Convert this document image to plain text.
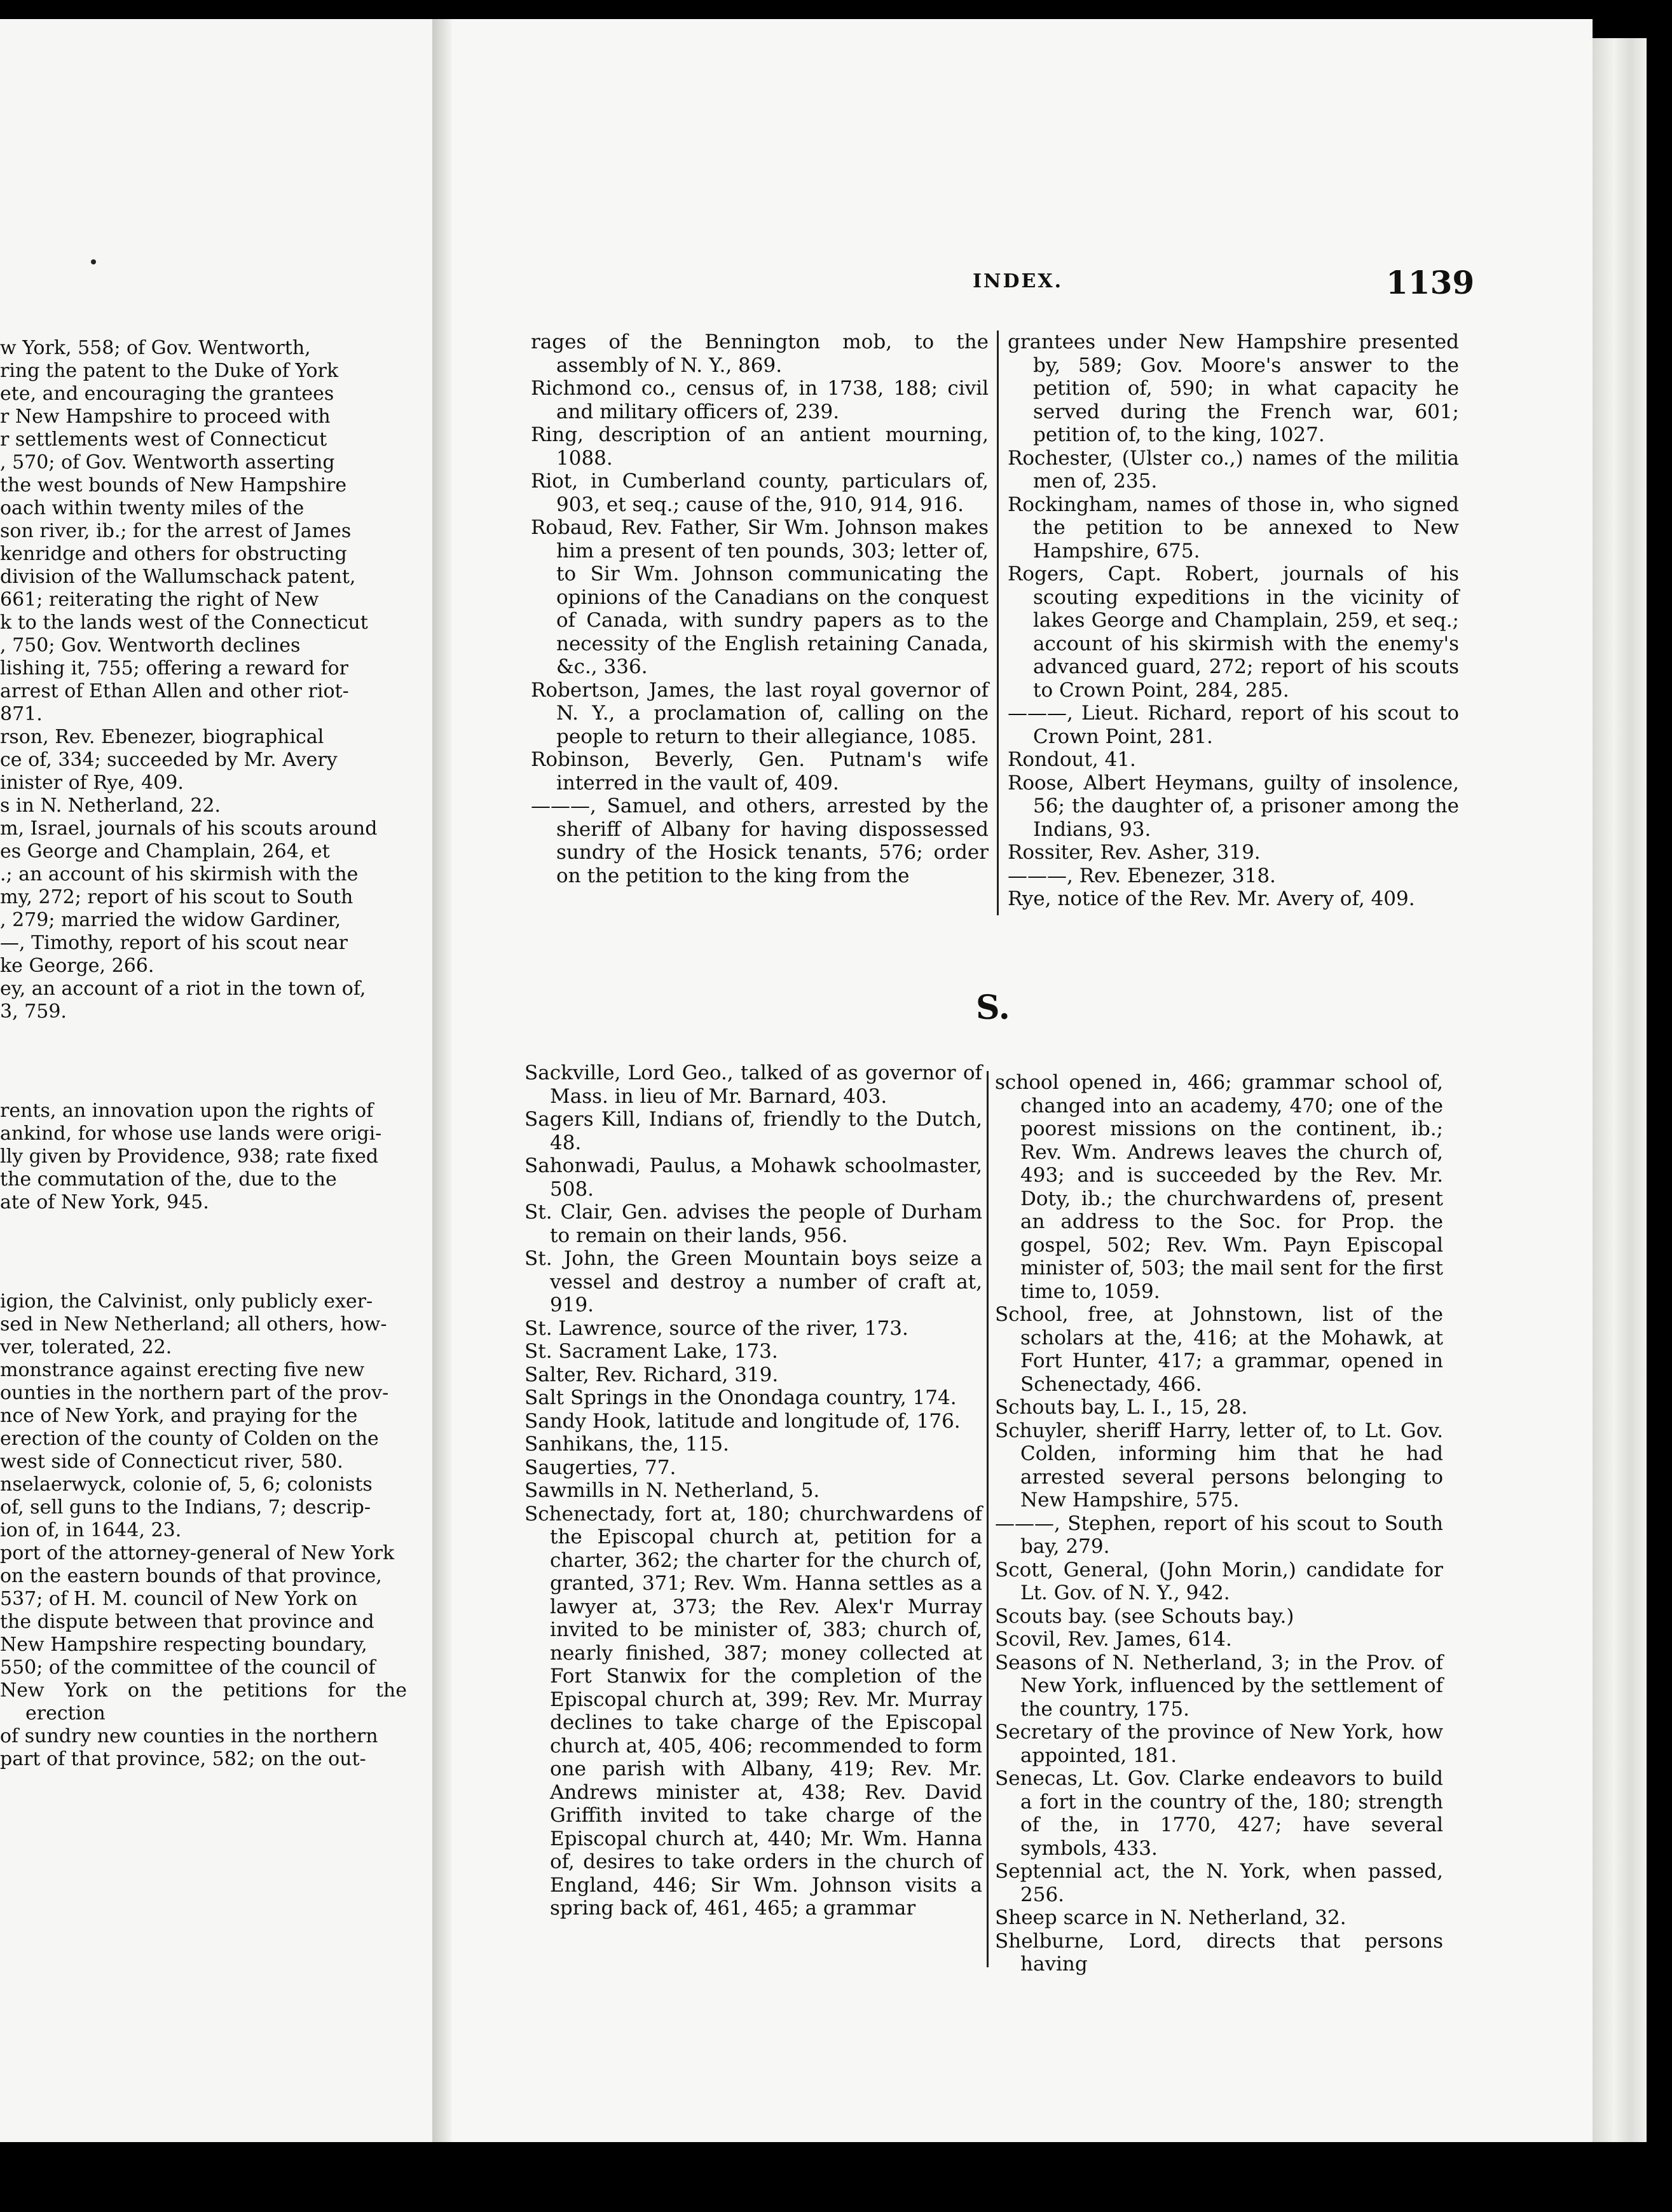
w York, 558; of Gov. Wentworth,

ring the patent to the Duke of York

ete, and encouraging the grantees

r New Hampshire to proceed with

r settlements west of Connecticut

, 570; of Gov. Wentworth asserting

the west bounds of New Hampshire

oach within twenty miles of the

son river, ib.; for the arrest of James

kenridge and others for obstructing

division of the Wallumschack patent,

661; reiterating the right of New

k to the lands west of the Connecticut

, 750; Gov. Wentworth declines

lishing it, 755; offering a reward for

arrest of Ethan Allen and other riot-

871.

rson, Rev. Ebenezer, biographical

ce of, 334; succeeded by Mr. Avery

inister of Rye, 409.

s in N. Netherland, 22.

m, Israel, journals of his scouts around

es George and Champlain, 264, et

.; an account of his skirmish with the

my, 272; report of his scout to South

, 279; married the widow Gardiner,

—, Timothy, report of his scout near

ke George, 266.

ey, an account of a riot in the town of,

3, 759.

rents, an innovation upon the rights of

ankind, for whose use lands were origi-

lly given by Providence, 938; rate fixed

the commutation of the, due to the

ate of New York, 945.

igion, the Calvinist, only publicly exer-

sed in New Netherland; all others, how-

ver, tolerated, 22.

monstrance against erecting five new

ounties in the northern part of the prov-

nce of New York, and praying for the

erection of the county of Colden on the

west side of Connecticut river, 580.

nselaerwyck, colonie of, 5, 6; colonists

of, sell guns to the Indians, 7; descrip-

ion of, in 1644, 23.

port of the attorney-general of New York

on the eastern bounds of that province,

537; of H. M. council of New York on

the dispute between that province and

New Hampshire respecting boundary,

550; of the committee of the council of

New York on the petitions for the erection

of sundry new counties in the northern

part of that province, 582; on the out-

INDEX.	1139

rages of the Bennington mob, to the assembly of N. Y., 869.

Richmond co., census of, in 1738, 188; civil and military officers of, 239.

Ring, description of an antient mourning, 1088.

Riot, in Cumberland county, particulars of, 903, et seq.; cause of the, 910, 914, 916.

Robaud, Rev. Father, Sir Wm. Johnson makes him a present of ten pounds, 303; letter of, to Sir Wm. Johnson communicating the opinions of the Canadians on the conquest of Canada, with sundry papers as to the necessity of the English retaining Canada, &c., 336.

Robertson, James, the last royal governor of N. Y., a proclamation of, calling on the people to return to their allegiance, 1085.

Robinson, Beverly, Gen. Putnam's wife interred in the vault of, 409.

———, Samuel, and others, arrested by the sheriff of Albany for having dispossessed sundry of the Hosick tenants, 576; order on the petition to the king from the

grantees under New Hampshire presented by, 589; Gov. Moore's answer to the petition of, 590; in what capacity he served during the French war, 601; petition of, to the king, 1027.

Rochester, (Ulster co.,) names of the militia men of, 235.

Rockingham, names of those in, who signed the petition to be annexed to New Hampshire, 675.

Rogers, Capt. Robert, journals of his scouting expeditions in the vicinity of lakes George and Champlain, 259, et seq.; account of his skirmish with the enemy's advanced guard, 272; report of his scouts to Crown Point, 284, 285.

———, Lieut. Richard, report of his scout to Crown Point, 281.

Rondout, 41.

Roose, Albert Heymans, guilty of insolence, 56; the daughter of, a prisoner among the Indians, 93.

Rossiter, Rev. Asher, 319.

———, Rev. Ebenezer, 318.

Rye, notice of the Rev. Mr. Avery of, 409.

S.

Sackville, Lord Geo., talked of as governor of Mass. in lieu of Mr. Barnard, 403.

Sagers Kill, Indians of, friendly to the Dutch, 48.

Sahonwadi, Paulus, a Mohawk schoolmaster, 508.

St. Clair, Gen. advises the people of Durham to remain on their lands, 956.

St. John, the Green Mountain boys seize a vessel and destroy a number of craft at, 919.

St. Lawrence, source of the river, 173.

St. Sacrament Lake, 173.

Salter, Rev. Richard, 319.

Salt Springs in the Onondaga country, 174.

Sandy Hook, latitude and longitude of, 176.

Sanhikans, the, 115.

Saugerties, 77.

Sawmills in N. Netherland, 5.

Schenectady, fort at, 180; churchwardens of the Episcopal church at, petition for a charter, 362; the charter for the church of, granted, 371; Rev. Wm. Hanna settles as a lawyer at, 373; the Rev. Alex'r Murray invited to be minister of, 383; church of, nearly finished, 387; money collected at Fort Stanwix for the completion of the Episcopal church at, 399; Rev. Mr. Murray declines to take charge of the Episcopal church at, 405, 406; recommended to form one parish with Albany, 419; Rev. Mr. Andrews minister at, 438; Rev. David Griffith invited to take charge of the Episcopal church at, 440; Mr. Wm. Hanna of, desires to take orders in the church of England, 446; Sir Wm. Johnson visits a spring back of, 461, 465; a grammar

school opened in, 466; grammar school of, changed into an academy, 470; one of the poorest missions on the continent, ib.; Rev. Wm. Andrews leaves the church of, 493; and is succeeded by the Rev. Mr. Doty, ib.; the churchwardens of, present an address to the Soc. for Prop. the gospel, 502; Rev. Wm. Payn Episcopal minister of, 503; the mail sent for the first time to, 1059.

School, free, at Johnstown, list of the scholars at the, 416; at the Mohawk, at Fort Hunter, 417; a grammar, opened in Schenectady, 466.

Schouts bay, L. I., 15, 28.

Schuyler, sheriff Harry, letter of, to Lt. Gov. Colden, informing him that he had arrested several persons belonging to New Hampshire, 575.

———, Stephen, report of his scout to South bay, 279.

Scott, General, (John Morin,) candidate for Lt. Gov. of N. Y., 942.

Scouts bay. (see Schouts bay.)

Scovil, Rev. James, 614.

Seasons of N. Netherland, 3; in the Prov. of New York, influenced by the settlement of the country, 175.

Secretary of the province of New York, how appointed, 181.

Senecas, Lt. Gov. Clarke endeavors to build a fort in the country of the, 180; strength of the, in 1770, 427; have several symbols, 433.

Septennial act, the N. York, when passed, 256.

Sheep scarce in N. Netherland, 32.

Shelburne, Lord, directs that persons having
